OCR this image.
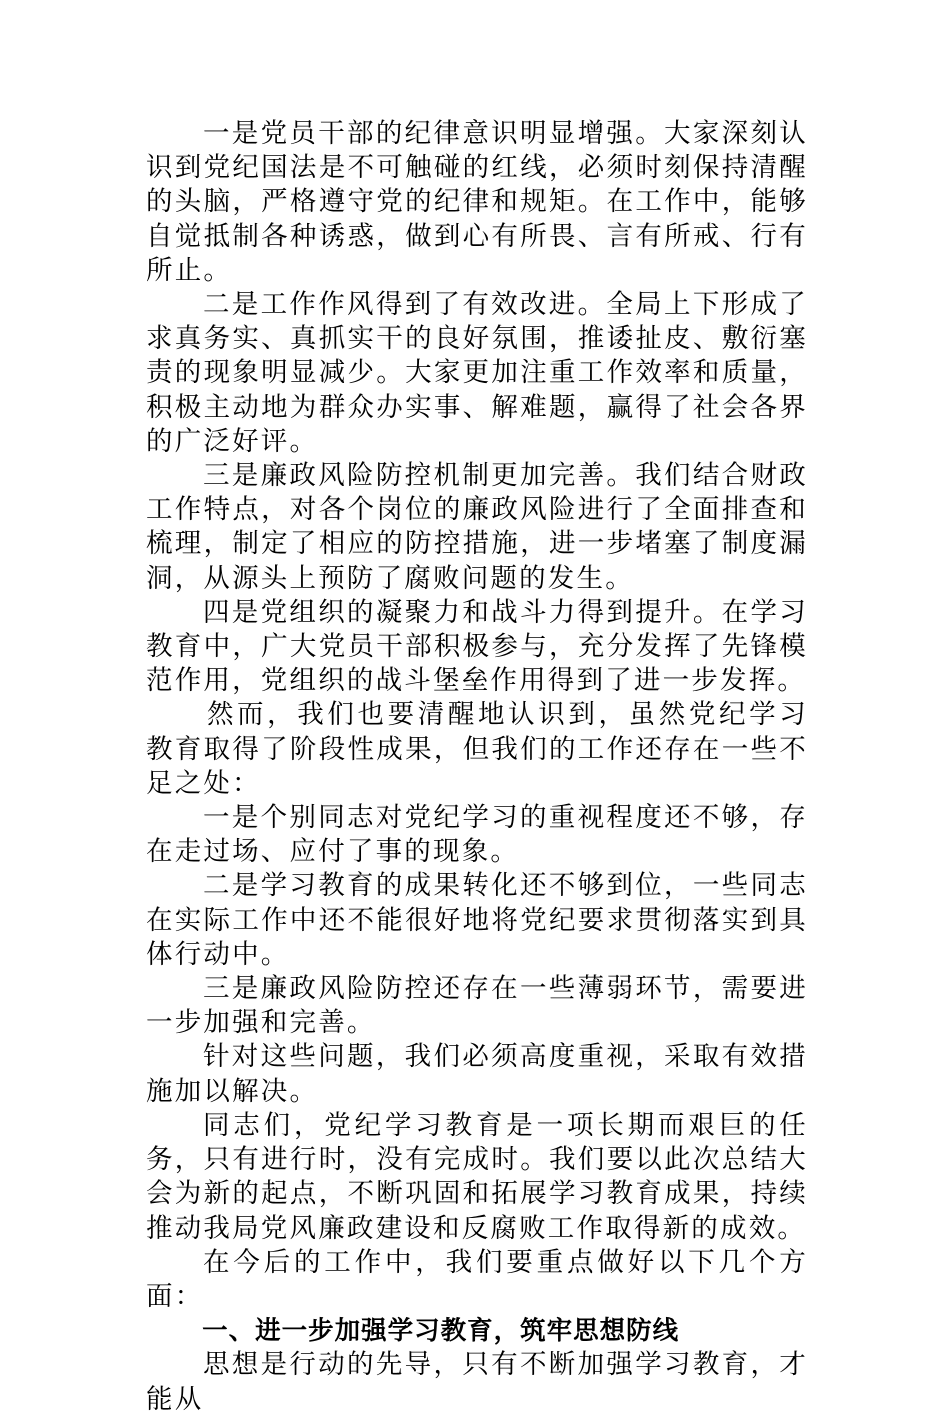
一是党员干部的纪律意识明显增强。大家深刻认识到党纪国法是不可触碰的红线，必须时刻保持清醒的头脑，严格遵守党的纪律和规矩。在工作中，能够自觉抵制各种诱惑，做到心有所畏、言有所戒、行有所止。

二是工作作风得到了有效改进。全局上下形成了求真务实、真抓实干的良好氛围，推诿扯皮、敷衍塞责的现象明显减少。大家更加注重工作效率和质量，积极主动地为群众办实事、解难题，赢得了社会各界的广泛好评。

三是廉政风险防控机制更加完善。我们结合财政工作特点，对各个岗位的廉政风险进行了全面排查和梳理，制定了相应的防控措施，进一步堵塞了制度漏洞，从源头上预防了腐败问题的发生。

四是党组织的凝聚力和战斗力得到提升。在学习教育中，广大党员干部积极参与，充分发挥了先锋模范作用，党组织的战斗堡垒作用得到了进一步发挥。

然而，我们也要清醒地认识到，虽然党纪学习教育取得了阶段性成果，但我们的工作还存在一些不足之处：

一是个别同志对党纪学习的重视程度还不够，存在走过场、应付了事的现象。

二是学习教育的成果转化还不够到位，一些同志在实际工作中还不能很好地将党纪要求贯彻落实到具体行动中。

三是廉政风险防控还存在一些薄弱环节，需要进一步加强和完善。

针对这些问题，我们必须高度重视，采取有效措施加以解决。

同志们，党纪学习教育是一项长期而艰巨的任务，只有进行时，没有完成时。我们要以此次总结大会为新的起点，不断巩固和拓展学习教育成果，持续推动我局党风廉政建设和反腐败工作取得新的成效。

在今后的工作中，我们要重点做好以下几个方面：

一、进一步加强学习教育，筑牢思想防线

思想是行动的先导，只有不断加强学习教育，才能从
